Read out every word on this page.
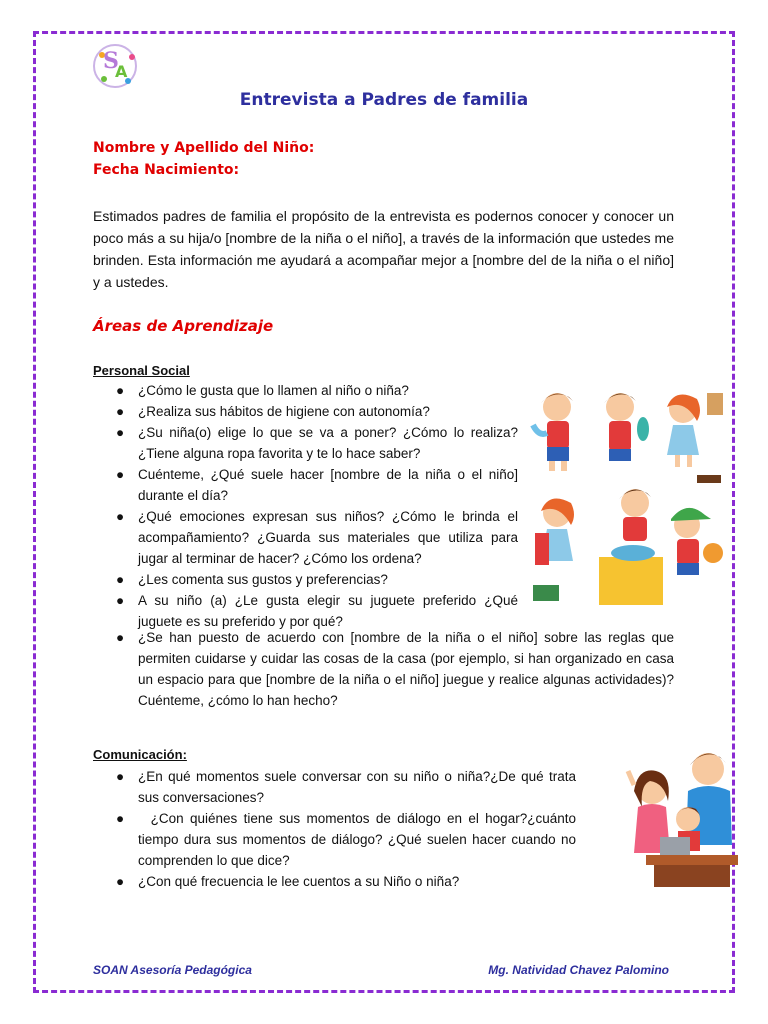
S
A
Entrevista a Padres de familia
Nombre y Apellido del Niño:
Fecha Nacimiento:
Estimados padres de familia el propósito de la entrevista es podernos conocer y conocer un poco más a su hija/o [nombre de la niña o el niño], a través de la información que ustedes me brinden. Esta información me ayudará a acompañar mejor a [nombre del de la niña o el niño] y a ustedes.
Áreas de Aprendizaje
Personal Social
● ¿Cómo le gusta que lo llamen al niño o niña?
● ¿Realiza sus hábitos de higiene con autonomía?
● ¿Su niña(o) elige lo que se va a poner? ¿Cómo lo realiza? ¿Tiene alguna ropa favorita y te lo hace saber?
● Cuénteme, ¿Qué suele hacer [nombre de la niña o el niño] durante el día?
● ¿Qué emociones expresan sus niños? ¿Cómo le brinda el acompañamiento? ¿Guarda sus materiales que utiliza para jugar al terminar de hacer? ¿Cómo los ordena?
● ¿Les comenta sus gustos y preferencias?
● A su niño (a) ¿Le gusta elegir su juguete preferido ¿Qué juguete es su preferido y por qué?
● ¿Se han puesto de acuerdo con [nombre de la niña o el niño] sobre las reglas que permiten cuidarse y cuidar las cosas de la casa (por ejemplo, si han organizado en casa un espacio para que [nombre de la niña o el niño] juegue y realice algunas actividades)? Cuénteme, ¿cómo lo han hecho?
Comunicación:
● ¿En qué momentos suele conversar con su niño o niña?¿De qué trata sus conversaciones?
● ¿Con quiénes tiene sus momentos de diálogo en el hogar?¿cuánto tiempo dura sus momentos de diálogo? ¿Qué suelen hacer cuando no comprenden lo que dice?
● ¿Con qué frecuencia le lee cuentos a su Niño o niña?
SOAN Asesoría Pedagógica	Mg. Natividad Chavez Palomino
